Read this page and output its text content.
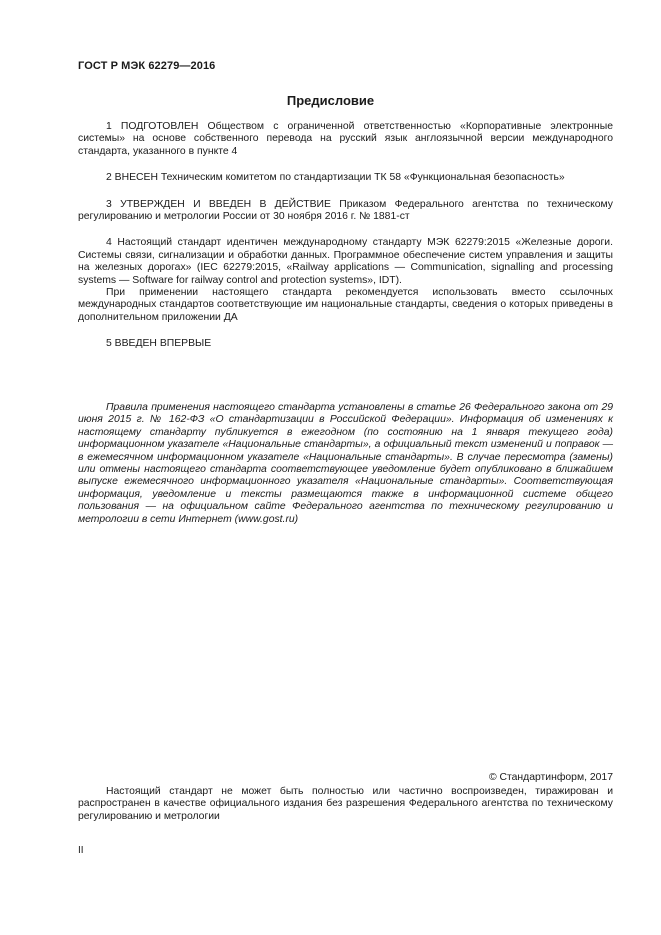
ГОСТ Р МЭК 62279—2016
Предисловие

1 ПОДГОТОВЛЕН Обществом с ограниченной ответственностью «Корпоративные электронные системы» на основе собственного перевода на русский язык англоязычной версии международного стандарта, указанного в пункте 4

2 ВНЕСЕН Техническим комитетом по стандартизации ТК 58 «Функциональная безопасность»

3 УТВЕРЖДЕН И ВВЕДЕН В ДЕЙСТВИЕ Приказом Федерального агентства по техническому регулированию и метрологии России от 30 ноября 2016 г. № 1881-ст

4 Настоящий стандарт идентичен международному стандарту МЭК 62279:2015 «Железные дороги. Системы связи, сигнализации и обработки данных. Программное обеспечение систем управления и защиты на железных дорогах» (IEC 62279:2015, «Railway applications — Communication, signalling and processing systems — Software for railway control and protection systems», IDT).

При применении настоящего стандарта рекомендуется использовать вместо ссылочных международных стандартов соответствующие им национальные стандарты, сведения о которых приведены в дополнительном приложении ДА

5 ВВЕДЕН ВПЕРВЫЕ

Правила применения настоящего стандарта установлены в статье 26 Федерального закона от 29 июня 2015 г. № 162-ФЗ «О стандартизации в Российской Федерации». Информация об изменениях к настоящему стандарту публикуется в ежегодном (по состоянию на 1 января текущего года) информационном указателе «Национальные стандарты», а официальный текст изменений и поправок — в ежемесячном информационном указателе «Национальные стандарты». В случае пересмотра (замены) или отмены настоящего стандарта соответствующее уведомление будет опубликовано в ближайшем выпуске ежемесячного информационного указателя «Национальные стандарты». Соответствующая информация, уведомление и тексты размещаются также в информационной системе общего пользования — на официальном сайте Федерального агентства по техническому регулированию и метрологии в сети Интернет (www.gost.ru)
© Стандартинформ, 2017
Настоящий стандарт не может быть полностью или частично воспроизведен, тиражирован и распространен в качестве официального издания без разрешения Федерального агентства по техническому регулированию и метрологии
II
